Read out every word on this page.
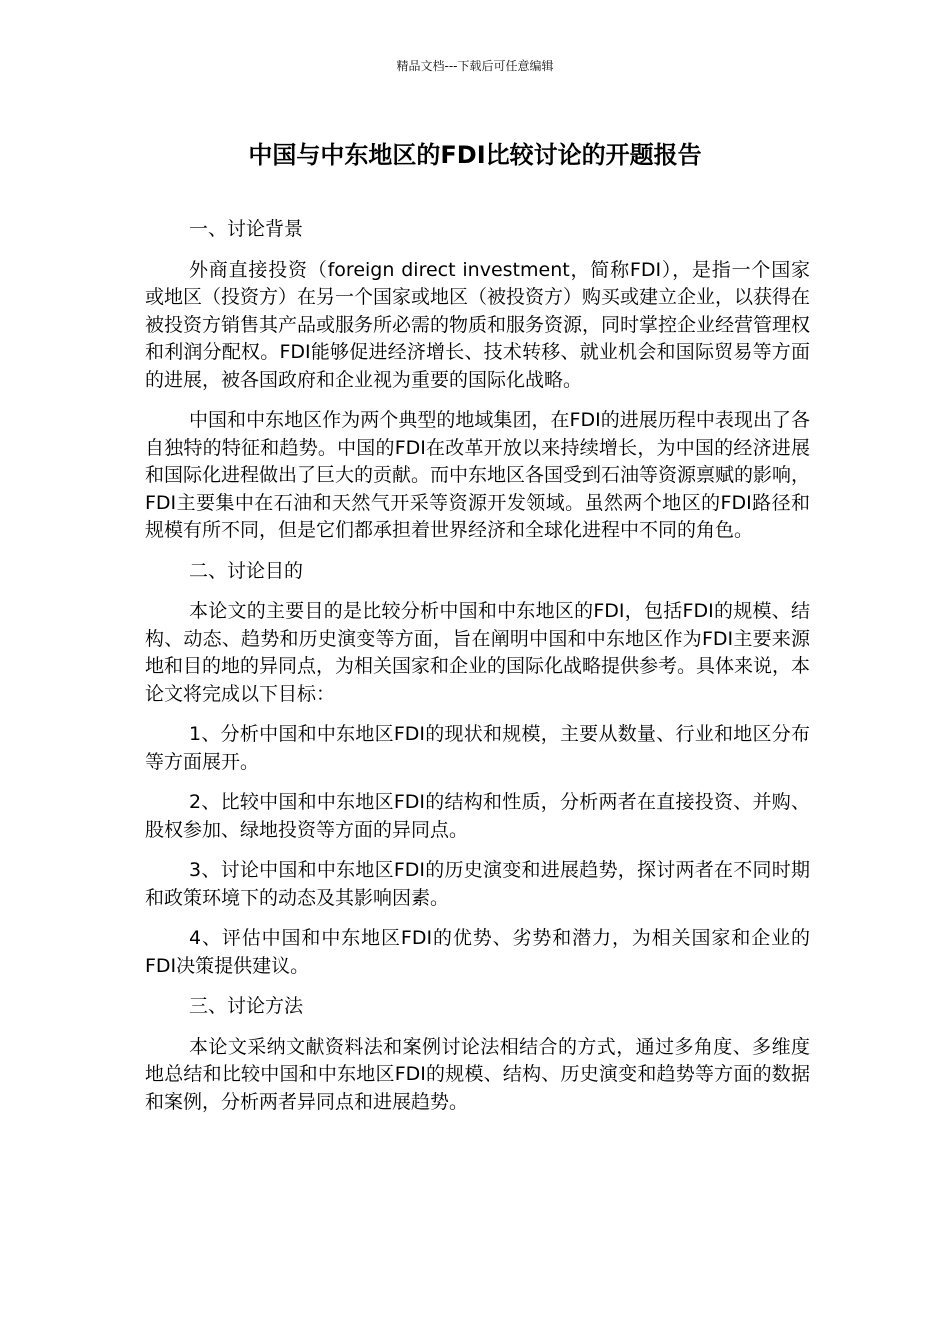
精品文档---下载后可任意编辑
中国与中东地区的FDI比较讨论的开题报告

一、讨论背景

外商直接投资（foreign direct investment，简称FDI），是指一个国家或地区（投资方）在另一个国家或地区（被投资方）购买或建立企业，以获得在被投资方销售其产品或服务所必需的物质和服务资源，同时掌控企业经营管理权和利润分配权。FDI能够促进经济增长、技术转移、就业机会和国际贸易等方面的进展，被各国政府和企业视为重要的国际化战略。

中国和中东地区作为两个典型的地域集团，在FDI的进展历程中表现出了各自独特的特征和趋势。中国的FDI在改革开放以来持续增长，为中国的经济进展和国际化进程做出了巨大的贡献。而中东地区各国受到石油等资源禀赋的影响，FDI主要集中在石油和天然气开采等资源开发领域。虽然两个地区的FDI路径和规模有所不同，但是它们都承担着世界经济和全球化进程中不同的角色。

二、讨论目的

本论文的主要目的是比较分析中国和中东地区的FDI，包括FDI的规模、结构、动态、趋势和历史演变等方面，旨在阐明中国和中东地区作为FDI主要来源地和目的地的异同点，为相关国家和企业的国际化战略提供参考。具体来说，本论文将完成以下目标：

1、分析中国和中东地区FDI的现状和规模，主要从数量、行业和地区分布等方面展开。

2、比较中国和中东地区FDI的结构和性质，分析两者在直接投资、并购、股权参加、绿地投资等方面的异同点。

3、讨论中国和中东地区FDI的历史演变和进展趋势，探讨两者在不同时期和政策环境下的动态及其影响因素。

4、评估中国和中东地区FDI的优势、劣势和潜力，为相关国家和企业的FDI决策提供建议。

三、讨论方法

本论文采纳文献资料法和案例讨论法相结合的方式，通过多角度、多维度地总结和比较中国和中东地区FDI的规模、结构、历史演变和趋势等方面的数据和案例，分析两者异同点和进展趋势。
